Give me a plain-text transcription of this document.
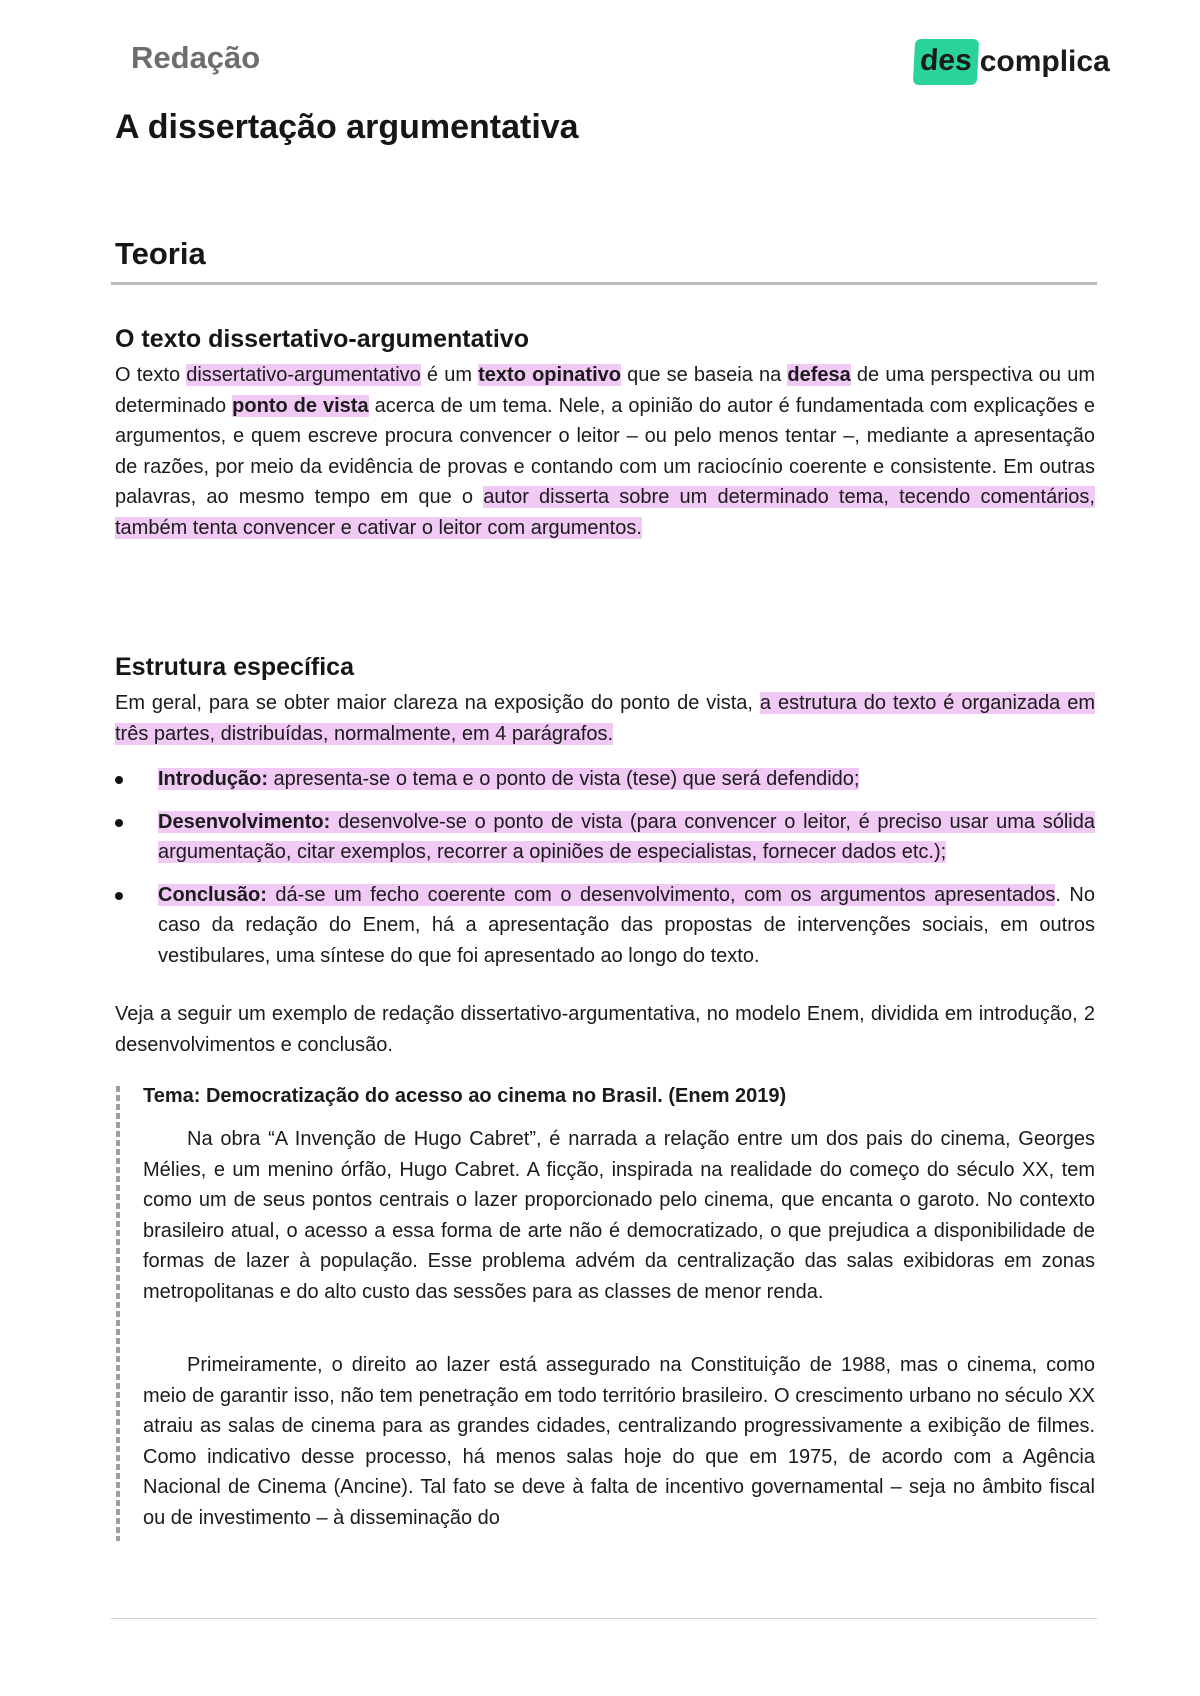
Redação	des complica
A dissertação argumentativa
Teoria
O texto dissertativo-argumentativo

O texto dissertativo-argumentativo é um texto opinativo que se baseia na defesa de uma perspectiva ou um determinado ponto de vista acerca de um tema. Nele, a opinião do autor é fundamentada com explicações e argumentos, e quem escreve procura convencer o leitor – ou pelo menos tentar –, mediante a apresentação de razões, por meio da evidência de provas e contando com um raciocínio coerente e consistente. Em outras palavras, ao mesmo tempo em que o autor disserta sobre um determinado tema, tecendo comentários, também tenta convencer e cativar o leitor com argumentos.

Estrutura específica

Em geral, para se obter maior clareza na exposição do ponto de vista, a estrutura do texto é organizada em três partes, distribuídas, normalmente, em 4 parágrafos.

Introdução: apresenta-se o tema e o ponto de vista (tese) que será defendido;
Desenvolvimento: desenvolve-se o ponto de vista (para convencer o leitor, é preciso usar uma sólida argumentação, citar exemplos, recorrer a opiniões de especialistas, fornecer dados etc.);
Conclusão: dá-se um fecho coerente com o desenvolvimento, com os argumentos apresentados. No caso da redação do Enem, há a apresentação das propostas de intervenções sociais, em outros vestibulares, uma síntese do que foi apresentado ao longo do texto.

Veja a seguir um exemplo de redação dissertativo-argumentativa, no modelo Enem, dividida em introdução, 2 desenvolvimentos e conclusão.

Tema: Democratização do acesso ao cinema no Brasil. (Enem 2019)

Na obra “A Invenção de Hugo Cabret”, é narrada a relação entre um dos pais do cinema, Georges Mélies, e um menino órfão, Hugo Cabret. A ficção, inspirada na realidade do começo do século XX, tem como um de seus pontos centrais o lazer proporcionado pelo cinema, que encanta o garoto. No contexto brasileiro atual, o acesso a essa forma de arte não é democratizado, o que prejudica a disponibilidade de formas de lazer à população. Esse problema advém da centralização das salas exibidoras em zonas metropolitanas e do alto custo das sessões para as classes de menor renda.

Primeiramente, o direito ao lazer está assegurado na Constituição de 1988, mas o cinema, como meio de garantir isso, não tem penetração em todo território brasileiro. O crescimento urbano no século XX atraiu as salas de cinema para as grandes cidades, centralizando progressivamente a exibição de filmes. Como indicativo desse processo, há menos salas hoje do que em 1975, de acordo com a Agência Nacional de Cinema (Ancine). Tal fato se deve à falta de incentivo governamental – seja no âmbito fiscal ou de investimento – à disseminação do
